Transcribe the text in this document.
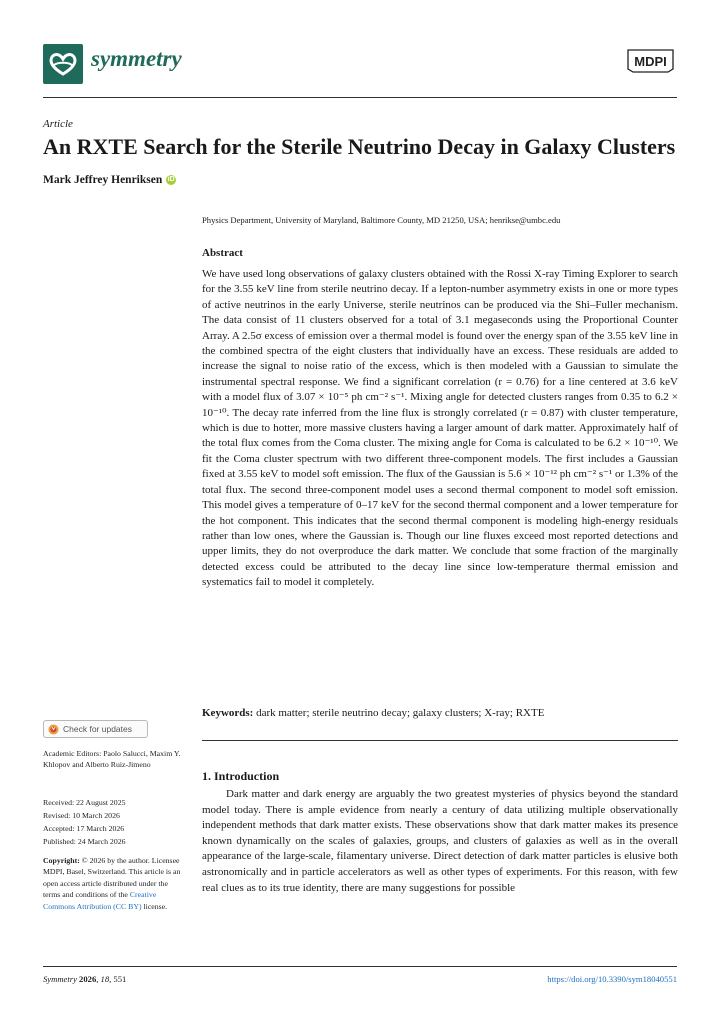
symmetry	MDPI
Article
An RXTE Search for the Sterile Neutrino Decay in Galaxy Clusters
Mark Jeffrey Henriksen iD
Physics Department, University of Maryland, Baltimore County, MD 21250, USA; henrikse@umbc.edu
Abstract
We have used long observations of galaxy clusters obtained with the Rossi X-ray Timing Explorer to search for the 3.55 keV line from sterile neutrino decay. If a lepton-number asymmetry exists in one or more types of active neutrinos in the early Universe, sterile neutrinos can be produced via the Shi–Fuller mechanism. The data consist of 11 clusters observed for a total of 3.1 megaseconds using the Proportional Counter Array. A 2.5σ excess of emission over a thermal model is found over the energy span of the 3.55 keV line in the combined spectra of the eight clusters that individually have an excess. These residuals are added to increase the signal to noise ratio of the excess, which is then modeled with a Gaussian to simulate the instrumental spectral response. We find a significant correlation (r = 0.76) for a line centered at 3.6 keV with a model flux of 3.07 × 10⁻⁵ ph cm⁻² s⁻¹. Mixing angle for detected clusters ranges from 0.35 to 6.2 × 10⁻¹⁰. The decay rate inferred from the line flux is strongly correlated (r = 0.87) with cluster temperature, which is due to hotter, more massive clusters having a larger amount of dark matter. Approximately half of the total flux comes from the Coma cluster. The mixing angle for Coma is calculated to be 6.2 × 10⁻¹⁰. We fit the Coma cluster spectrum with two different three-component models. The first includes a Gaussian fixed at 3.55 keV to model soft emission. The flux of the Gaussian is 5.6 × 10⁻¹² ph cm⁻² s⁻¹ or 1.3% of the total flux. The second three-component model uses a second thermal component to model soft emission. This model gives a temperature of 0–17 keV for the second thermal component and a lower temperature for the hot component. This indicates that the second thermal component is modeling high-energy residuals rather than low ones, where the Gaussian is. Though our line fluxes exceed most reported detections and upper limits, they do not overproduce the dark matter. We conclude that some fraction of the marginally detected excess could be attributed to the decay line since low-temperature thermal emission and systematics fail to model it completely.
Keywords: dark matter; sterile neutrino decay; galaxy clusters; X-ray; RXTE
1. Introduction
Dark matter and dark energy are arguably the two greatest mysteries of physics beyond the standard model today. There is ample evidence from nearly a century of data utilizing multiple observationally independent methods that dark matter exists. These observations show that dark matter makes its presence known dynamically on the scales of galaxies, groups, and clusters of galaxies as well as in the overall appearance of the large-scale, filamentary universe. Direct detection of dark matter particles is elusive both astronomically and in particle accelerators as well as other types of experiments. For this reason, with few real clues as to its true identity, there are many suggestions for possible
Check for updates
Academic Editors: Paolo Salucci, Maxim Y. Khlopov and Alberto Ruiz-Jimeno
Received: 22 August 2025
Revised: 10 March 2026
Accepted: 17 March 2026
Published: 24 March 2026
Copyright: © 2026 by the author. Licensee MDPI, Basel, Switzerland. This article is an open access article distributed under the terms and conditions of the Creative Commons Attribution (CC BY) license.
Symmetry 2026, 18, 551	https://doi.org/10.3390/sym18040551
